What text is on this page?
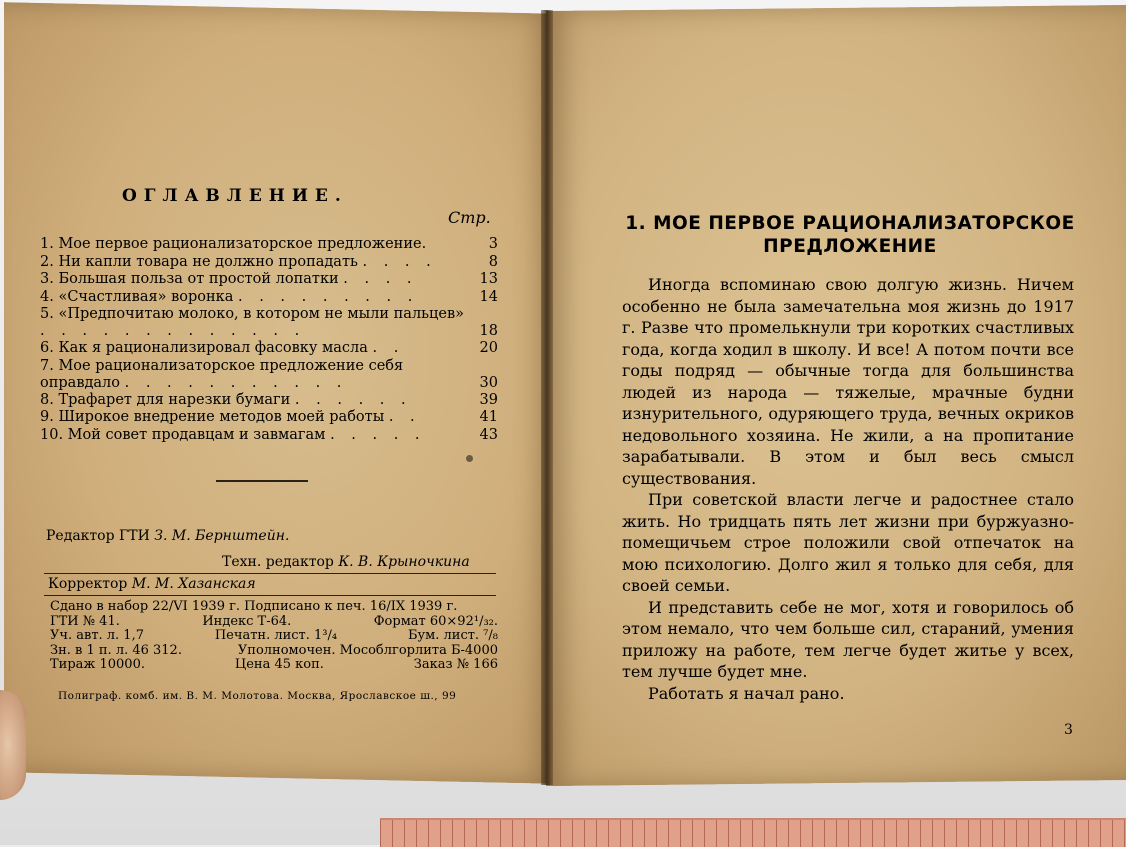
ОГЛАВЛЕНИЕ.

Стр.

1. Мое первое рационализаторское предложение.	3
2. Ни капли товара не должно пропадать . . . .	8
3. Большая польза от простой лопатки . . . .	13
4. «Счастливая» воронка . . . . . . . . .	14
5. «Предпочитаю молоко, в котором не мыли пальцев» . . . . . . . . . . . . .	18
6. Как я рационализировал фасовку масла . .	20
7. Мое рационализаторское предложение себя оправдало . . . . . . . . . . .	30
8. Трафарет для нарезки бумаги . . . . . .	39
9. Широкое внедрение методов моей работы . .	41
10. Мой совет продавцам и завмагам . . . . .	43

Редактор ГТИ З. М. Бернштейн.

Техн. редактор К. В. Крыночкина

Корректор М. М. Хазанская

Сдано в набор 22/VI 1939 г. Подписано к печ. 16/IX 1939 г.
ГТИ № 41.	Индекс Т-64.	Формат 60×92¹/₃₂.
Уч. авт. л. 1,7	Печатн. лист. 1³/₄	Бум. лист. ⁷/₈
Зн. в 1 п. л. 46 312.	Уполномочен. Мособлгорлита Б-4000
Тираж 10000.	Цена 45 коп.	Заказ № 166

Полиграф. комб. им. В. М. Молотова. Москва, Ярославское ш., 99

1. МОЕ ПЕРВОЕ РАЦИОНАЛИЗАТОРСКОЕ ПРЕДЛОЖЕНИЕ

Иногда вспоминаю свою долгую жизнь. Ничем особенно не была замечательна моя жизнь до 1917 г. Разве что промелькнули три коротких счастливых года, когда ходил в школу. И все! А потом почти все годы подряд — обычные тогда для большинства людей из народа — тяжелые, мрачные будни изнурительного, одуряющего труда, вечных окриков недовольного хозяина. Не жили, а на пропитание зарабатывали. В этом и был весь смысл существования.

При советской власти легче и радостнее стало жить. Но тридцать пять лет жизни при буржуазно-помещичьем строе положили свой отпечаток на мою психологию. Долго жил я только для себя, для своей семьи.

И представить себе не мог, хотя и говорилось об этом немало, что чем больше сил, стараний, умения приложу на работе, тем легче будет житье у всех, тем лучше будет мне.

Работать я начал рано.

3
